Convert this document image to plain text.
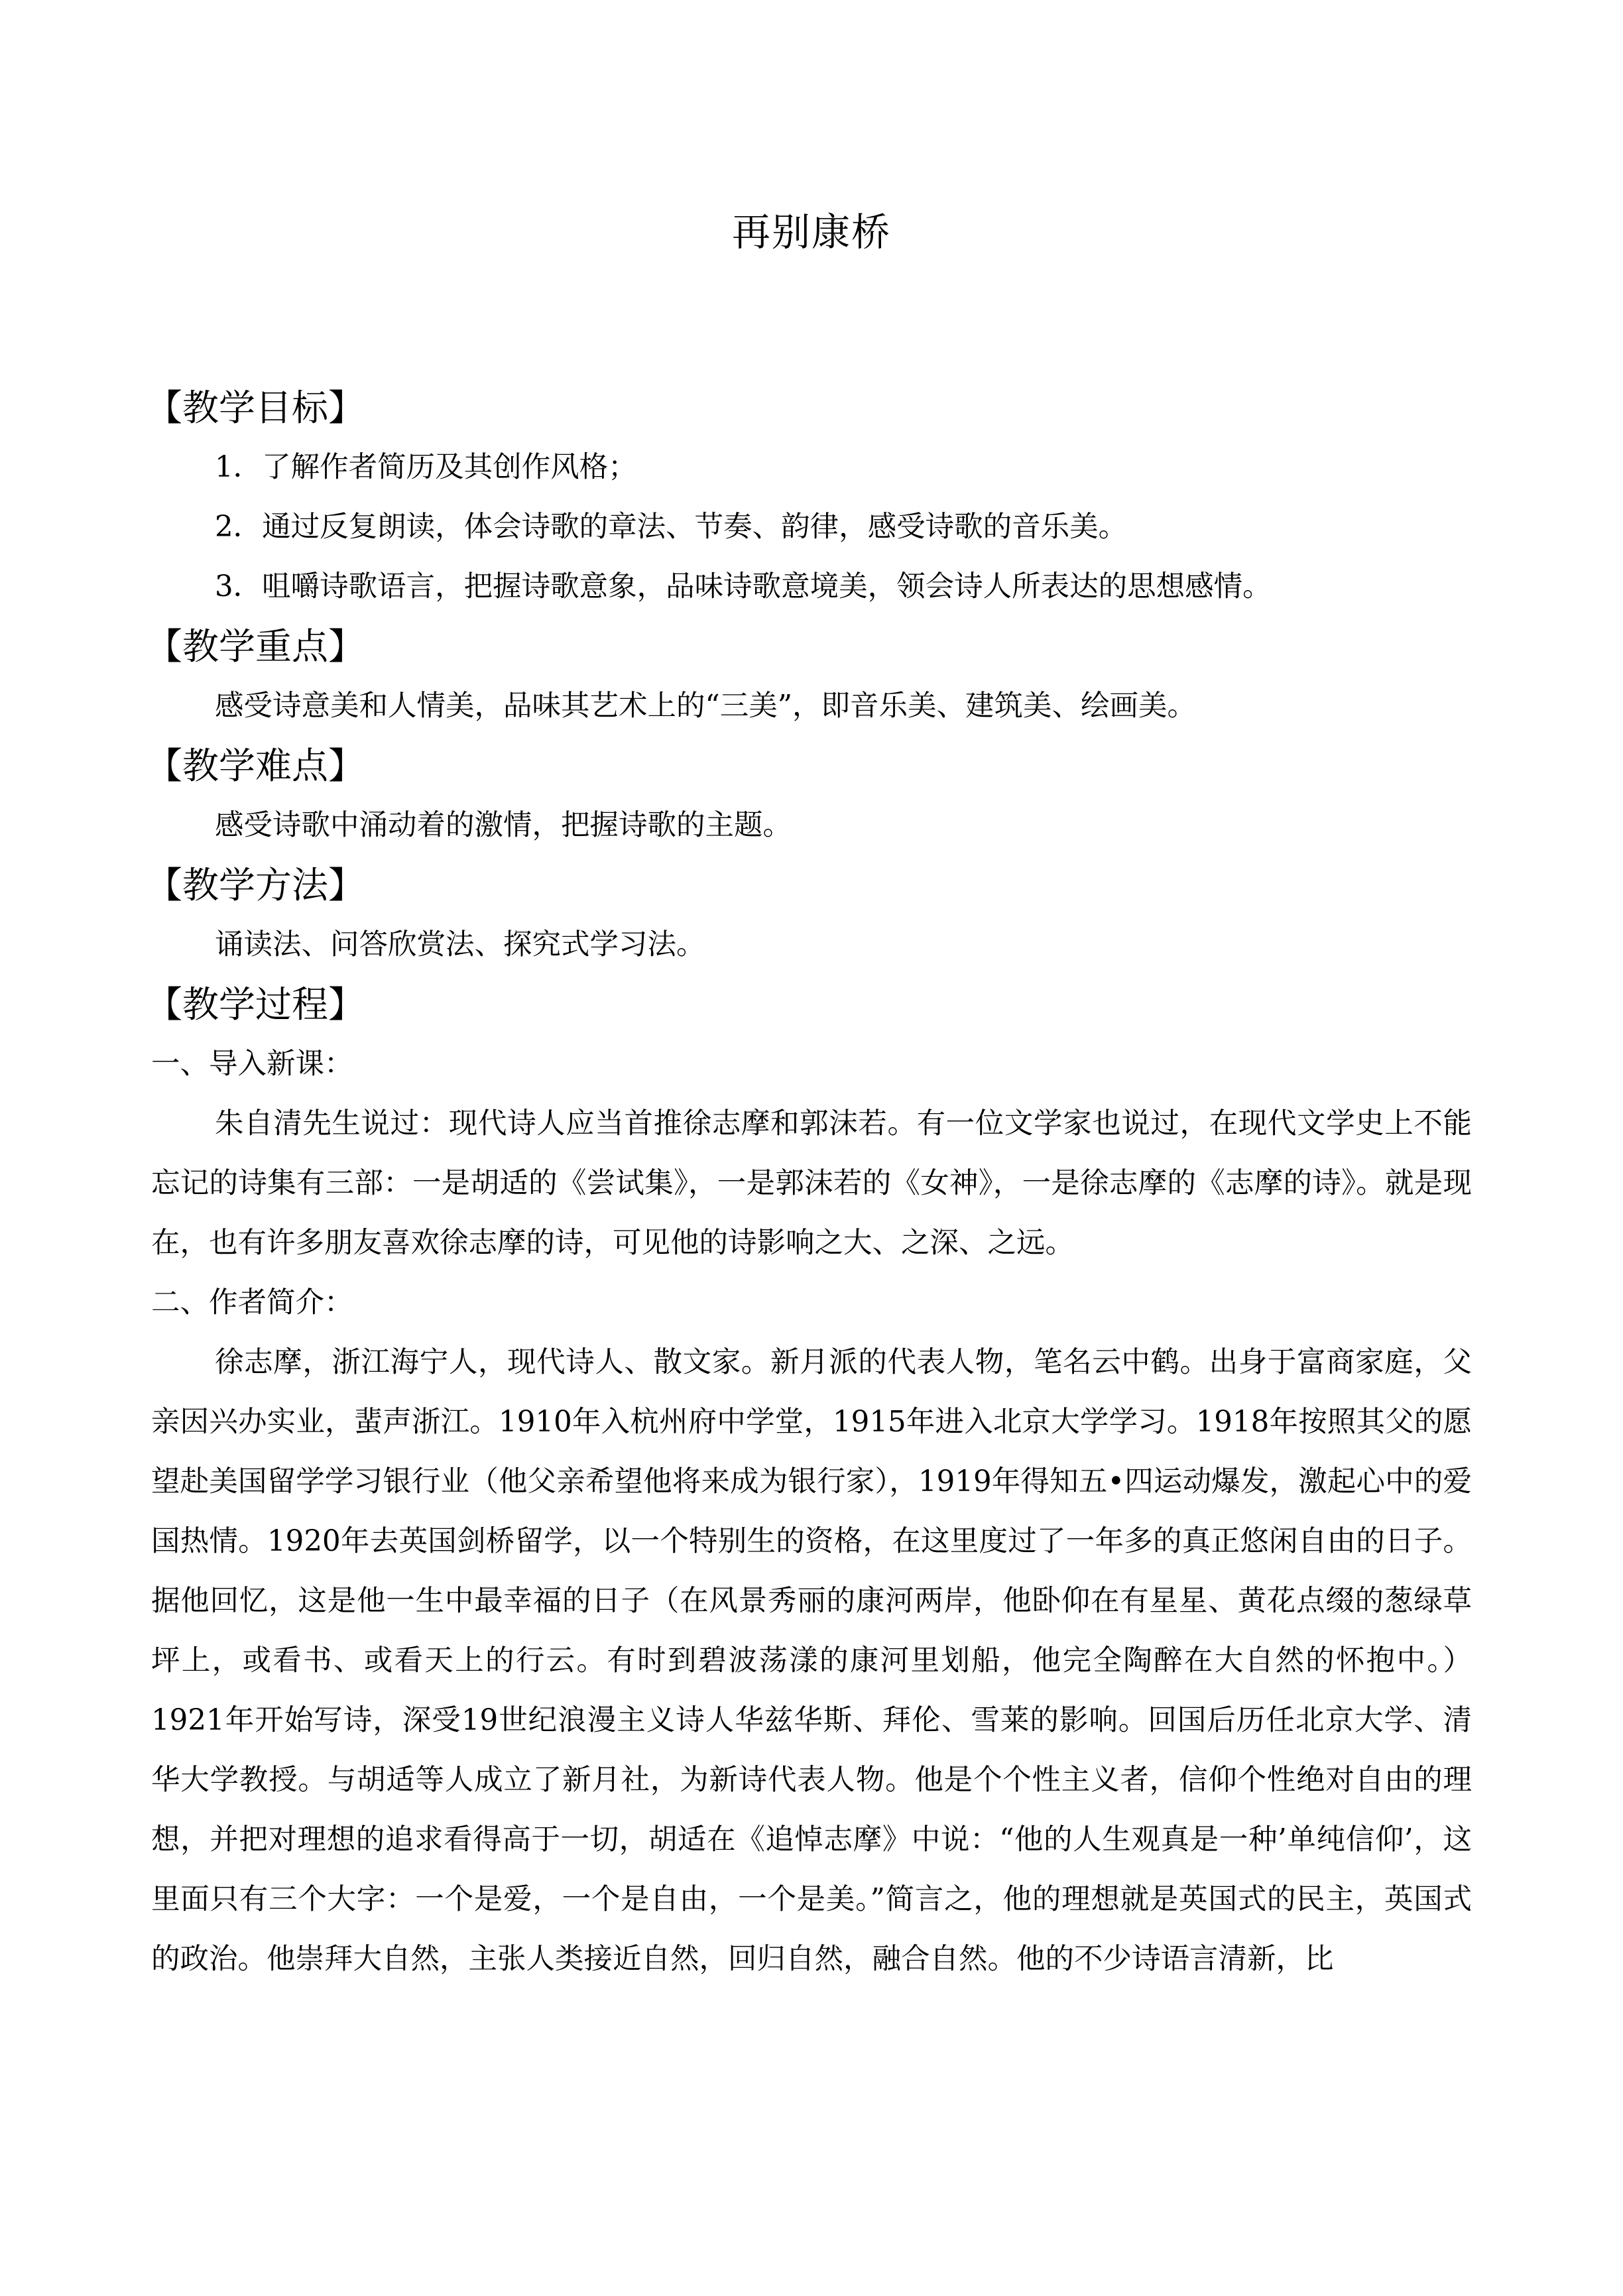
再别康桥
【教学目标】
1．了解作者简历及其创作风格；
2．通过反复朗读，体会诗歌的章法、节奏、韵律，感受诗歌的音乐美。
3．咀嚼诗歌语言，把握诗歌意象，品味诗歌意境美，领会诗人所表达的思想感情。
【教学重点】
感受诗意美和人情美，品味其艺术上的“三美”，即音乐美、建筑美、绘画美。
【教学难点】
感受诗歌中涌动着的激情，把握诗歌的主题。
【教学方法】
诵读法、问答欣赏法、探究式学习法。
【教学过程】
一、导入新课：

朱自清先生说过：现代诗人应当首推徐志摩和郭沫若。有一位文学家也说过，在现代文学史上不能忘记的诗集有三部：一是胡适的《尝试集》，一是郭沫若的《女神》，一是徐志摩的《志摩的诗》。就是现在，也有许多朋友喜欢徐志摩的诗，可见他的诗影响之大、之深、之远。

二、作者简介：

徐志摩，浙江海宁人，现代诗人、散文家。新月派的代表人物，笔名云中鹤。出身于富商家庭，父亲因兴办实业，蜚声浙江。1910年入杭州府中学堂，1915年进入北京大学学习。1918年按照其父的愿望赴美国留学学习银行业（他父亲希望他将来成为银行家），1919年得知五•四运动爆发，激起心中的爱国热情。1920年去英国剑桥留学，以一个特别生的资格，在这里度过了一年多的真正悠闲自由的日子。据他回忆，这是他一生中最幸福的日子（在风景秀丽的康河两岸，他卧仰在有星星、黄花点缀的葱绿草坪上，或看书、或看天上的行云。有时到碧波荡漾的康河里划船，他完全陶醉在大自然的怀抱中。）1921年开始写诗，深受19世纪浪漫主义诗人华兹华斯、拜伦、雪莱的影响。回国后历任北京大学、清华大学教授。与胡适等人成立了新月社，为新诗代表人物。他是个个性主义者，信仰个性绝对自由的理想，并把对理想的追求看得高于一切，胡适在《追悼志摩》中说：“他的人生观真是一种’单纯信仰’，这里面只有三个大字：一个是爱，一个是自由，一个是美。”简言之，他的理想就是英国式的民主，英国式的政治。他崇拜大自然，主张人类接近自然，回归自然，融合自然。他的不少诗语言清新，比
